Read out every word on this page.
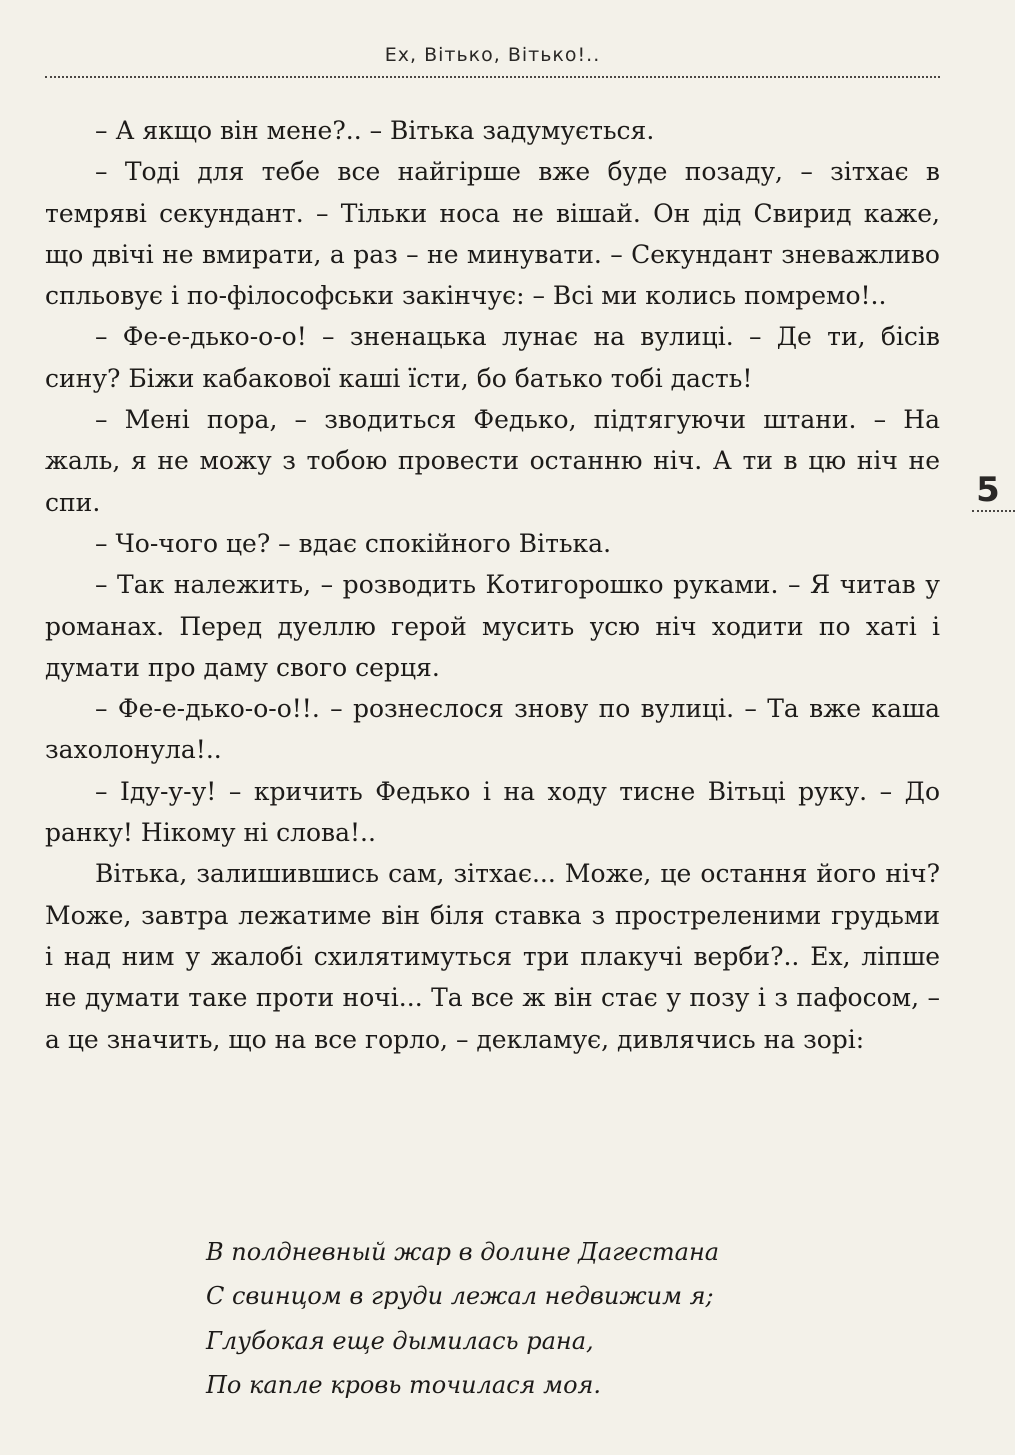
Ех, Вітько, Вітько!..
5

– А якщо він мене?.. – Вітька задумується.

– Тоді для тебе все найгірше вже буде позаду, – зітхає в темряві секундант. – Тільки носа не вішай. Он дід Свирид каже, що двічі не вмирати, а раз – не минувати. – Секундант зневажливо спльовує і по-філософськи закінчує: – Всі ми колись помремо!..

– Фе-е-дько-о-о! – зненацька лунає на вулиці. – Де ти, бісів сину? Біжи кабакової каші їсти, бо батько тобі дасть!

– Мені пора, – зводиться Федько, підтягуючи штани. – На жаль, я не можу з тобою провести останню ніч. А ти в цю ніч не спи.

– Чо-чого це? – вдає спокійного Вітька.

– Так належить, – розводить Котигорошко руками. – Я читав у романах. Перед дуеллю герой мусить усю ніч ходити по хаті і думати про даму свого серця.

– Фе-е-дько-о-о!!. – рознеслося знову по вулиці. – Та вже каша захолонула!..

– Іду-у-у! – кричить Федько і на ходу тисне Вітьці руку. – До ранку! Нікому ні слова!..

Вітька, залишившись сам, зітхає... Може, це остання його ніч? Може, завтра лежатиме він біля ставка з прострелeними грудьми і над ним у жалобі схилятимуться три плакучі верби?.. Ех, ліпше не думати таке проти ночі... Та все ж він стає у позу і з пафосом, – а це значить, що на все горло, – декламує, дивлячись на зорі:

В полдневный жар в долине Дагестана
С свинцом в груди лежал недвижим я;
Глубокая еще дымилась рана,
По капле кровь точилася моя.
